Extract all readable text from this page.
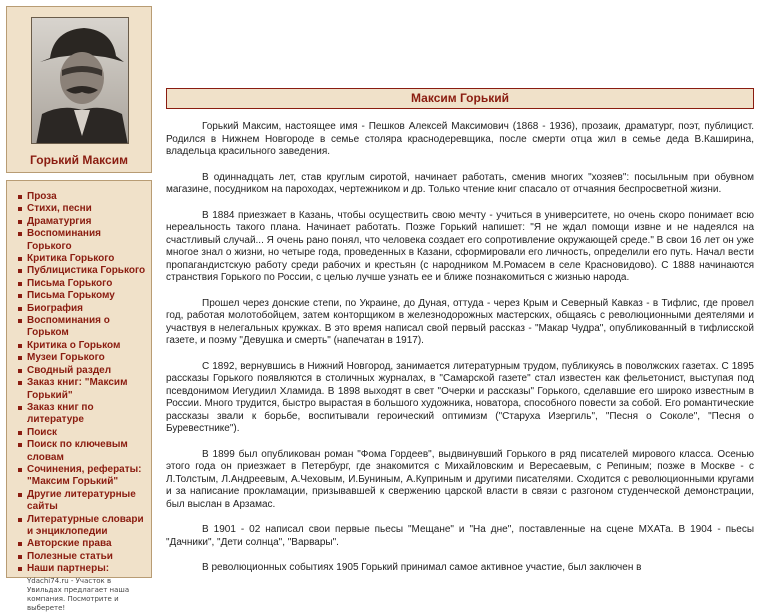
Горький Максим
Проза
Стихи, песни
Драматургия
Воспоминания Горького
Критика Горького
Публицистика Горького
Письма Горького
Письма Горькому
Биография
Воспоминания о Горьком
Критика о Горьком
Музеи Горького
Сводный раздел
Заказ книг: "Максим Горький"
Заказ книг по литературе
Поиск
Поиск по ключевым словам
Сочинения, рефераты: "Максим Горький"
Другие литературные сайты
Литературные словари и энциклопедии
Авторские права
Полезные статьи
Наши партнеры:
Ydachi74.ru - Участок в Увильдах предлагает наша компания. Посмотрите и выберете!
Максим Горький

Горький Максим, настоящее имя - Пешков Алексей Максимович (1868 - 1936), прозаик, драматург, поэт, публицист. Родился в Нижнем Новгороде в семье столяра краснодеревщика, после смерти отца жил в семье деда В.Каширина, владельца красильного заведения.

В одиннадцать лет, став круглым сиротой, начинает работать, сменив многих "хозяев": посыльным при обувном магазине, посудником на пароходах, чертежником и др. Только чтение книг спасало от отчаяния беспросветной жизни.

В 1884 приезжает в Казань, чтобы осуществить свою мечту - учиться в университете, но очень скоро понимает всю нереальность такого плана. Начинает работать. Позже Горький напишет: "Я не ждал помощи извне и не надеялся на счастливый случай... Я очень рано понял, что человека создает его сопротивление окружающей среде." В свои 16 лет он уже многое знал о жизни, но четыре года, проведенных в Казани, сформировали его личность, определили его путь. Начал вести пропагандистскую работу среди рабочих и крестьян (с народником М.Ромасем в селе Красновидово). С 1888 начинаются странствия Горького по России, с целью лучше узнать ее и ближе познакомиться с жизнью народа.

Прошел через донские степи, по Украине, до Дуная, оттуда - через Крым и Северный Кавказ - в Тифлис, где провел год, работая молотобойцем, затем конторщиком в железнодорожных мастерских, общаясь с революционными деятелями и участвуя в нелегальных кружках. В это время написал свой первый рассказ - "Макар Чудра", опубликованный в тифлисской газете, и поэму "Девушка и смерть" (напечатан в 1917).

С 1892, вернувшись в Нижний Новгород, занимается литературным трудом, публикуясь в поволжских газетах. С 1895 рассказы Горького появляются в столичных журналах, в "Самарской газете" стал известен как фельетонист, выступая под псевдонимом Иегудиил Хламида. В 1898 выходят в свет "Очерки и рассказы" Горького, сделавшие его широко известным в России. Много трудится, быстро вырастая в большого художника, новатора, способного повести за собой. Его романтические рассказы звали к борьбе, воспитывали героический оптимизм ("Старуха Изергиль", "Песня о Соколе", "Песня о Буревестнике").

В 1899 был опубликован роман "Фома Гордеев", выдвинувший Горького в ряд писателей мирового класса. Осенью этого года он приезжает в Петербург, где знакомится с Михайловским и Вересаевым, с Репиным; позже в Москве - с Л.Толстым, Л.Андреевым, А.Чеховым, И.Буниным, А.Куприным и другими писателями. Сходится с революционными кругами и за написание прокламации, призывавшей к свержению царской власти в связи с разгоном студенческой демонстрации, был выслан в Арзамас.

В 1901 - 02 написал свои первые пьесы "Мещане" и "На дне", поставленные на сцене МХАТа. В 1904 - пьесы "Дачники", "Дети солнца", "Варвары".

В революционных событиях 1905 Горький принимал самое активное участие, был заключен в
